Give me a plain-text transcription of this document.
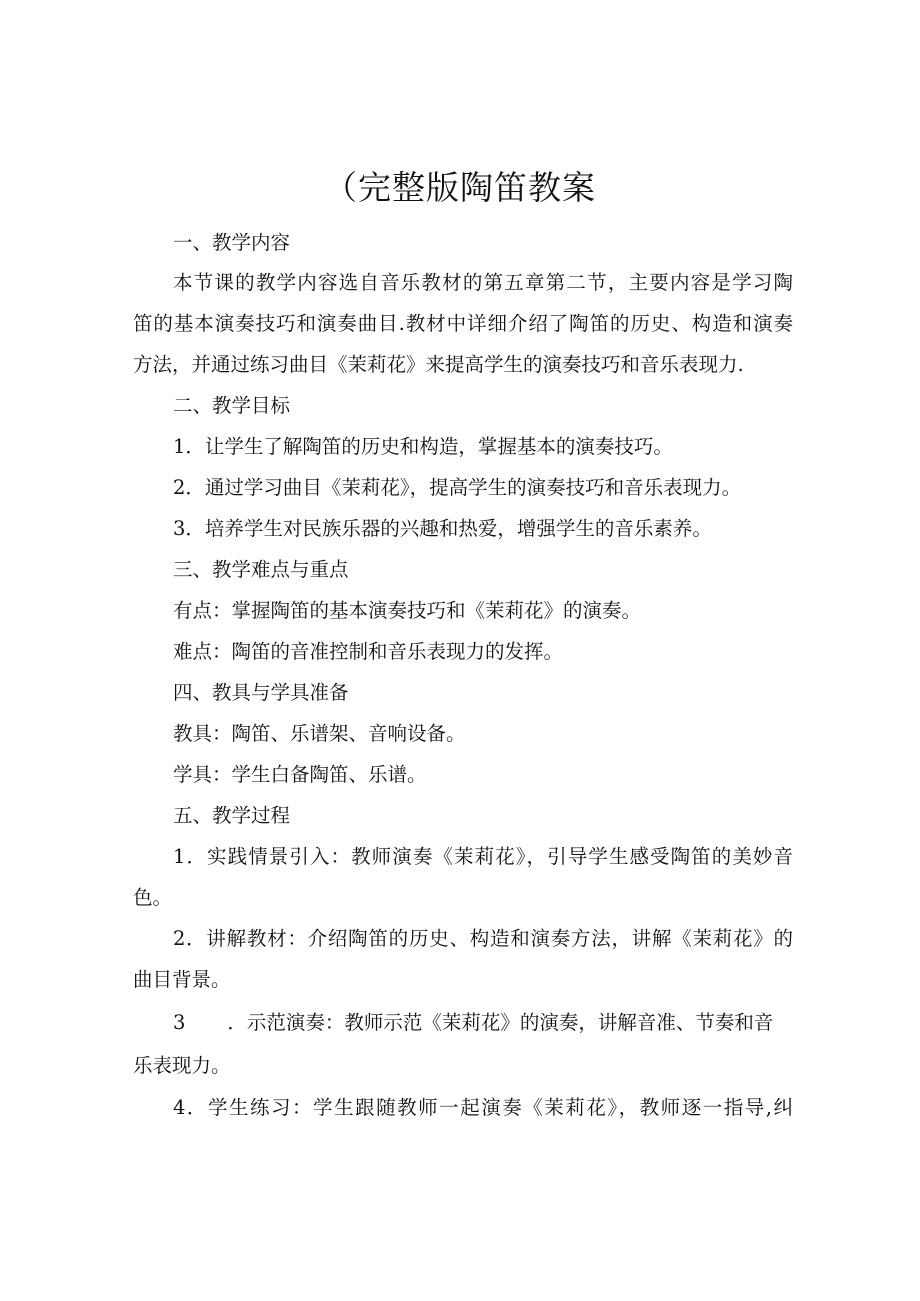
（完整版陶笛教案
一、教学内容
本节课的教学内容选自音乐教材的第五章第二节，主要内容是学习陶
笛的基本演奏技巧和演奏曲目.教材中详细介绍了陶笛的历史、构造和演奏
方法，并通过练习曲目《茉莉花》来提高学生的演奏技巧和音乐表现力.
二、教学目标
1．让学生了解陶笛的历史和构造，掌握基本的演奏技巧。
2．通过学习曲目《茉莉花》，提高学生的演奏技巧和音乐表现力。
3．培养学生对民族乐器的兴趣和热爱，增强学生的音乐素养。
三、教学难点与重点
有点：掌握陶笛的基本演奏技巧和《茉莉花》的演奏。
难点：陶笛的音准控制和音乐表现力的发挥。
四、教具与学具准备
教具：陶笛、乐谱架、音响设备。
学具：学生白备陶笛、乐谱。
五、教学过程
1．实践情景引入：教师演奏《茉莉花》，引导学生感受陶笛的美妙音
色。
2．讲解教材：介绍陶笛的历史、构造和演奏方法，讲解《茉莉花》的
曲目背景。
3 ．示范演奏：教师示范《茉莉花》的演奏，讲解音准、节奏和音
乐表现力。
4．学生练习：学生跟随教师一起演奏《茉莉花》，教师逐一指导,纠
